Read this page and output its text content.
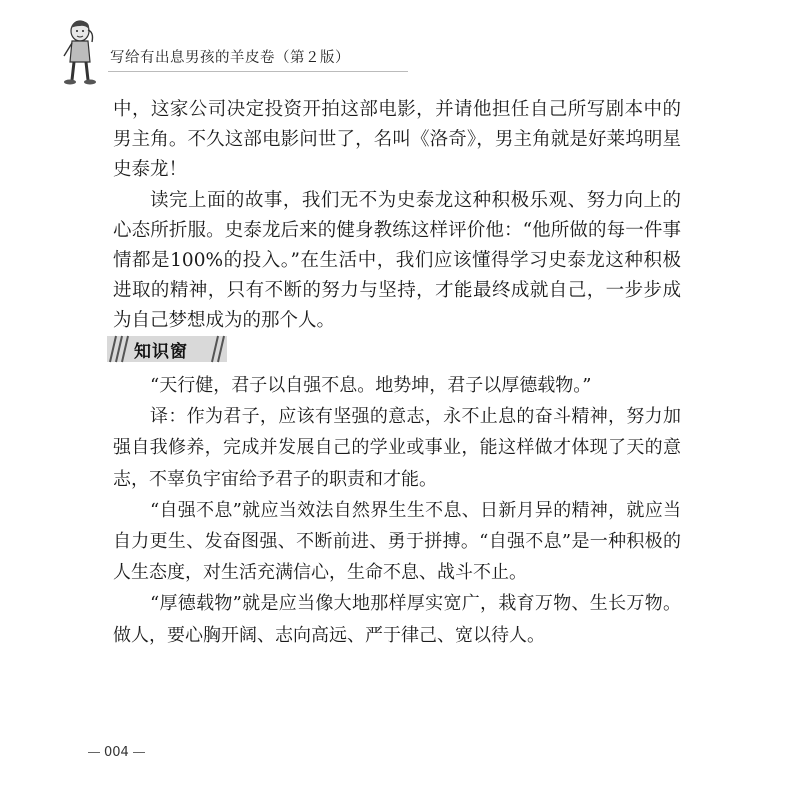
写给有出息男孩的羊皮卷（第２版）

中，这家公司决定投资开拍这部电影，并请他担任自己所写剧本中的男主角。不久这部电影问世了，名叫《洛奇》，男主角就是好莱坞明星史泰龙！

读完上面的故事，我们无不为史泰龙这种积极乐观、努力向上的心态所折服。史泰龙后来的健身教练这样评价他：“他所做的每一件事情都是100%的投入。”在生活中，我们应该懂得学习史泰龙这种积极进取的精神，只有不断的努力与坚持，才能最终成就自己，一步步成为自己梦想成为的那个人。

知识窗

“天行健，君子以自强不息。地势坤，君子以厚德载物。”

译：作为君子，应该有坚强的意志，永不止息的奋斗精神，努力加强自我修养，完成并发展自己的学业或事业，能这样做才体现了天的意志，不辜负宇宙给予君子的职责和才能。

“自强不息”就应当效法自然界生生不息、日新月异的精神，就应当自力更生、发奋图强、不断前进、勇于拼搏。“自强不息”是一种积极的人生态度，对生活充满信心，生命不息、战斗不止。

“厚德载物”就是应当像大地那样厚实宽广，栽育万物、生长万物。做人，要心胸开阔、志向高远、严于律己、宽以待人。

004
